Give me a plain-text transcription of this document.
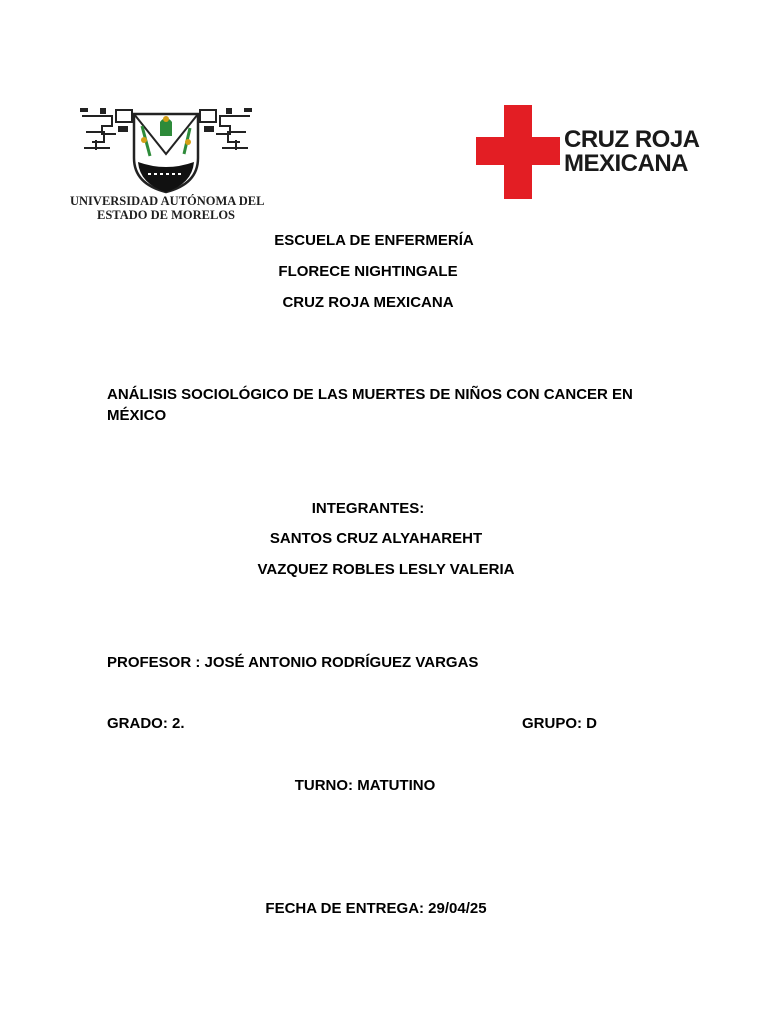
UNIVERSIDAD AUTÓNOMA DEL
ESTADO DE MORELOS
CRUZ ROJA
MEXICANA
ESCUELA DE ENFERMERÍA
FLORECE NIGHTINGALE
CRUZ ROJA MEXICANA
ANÁLISIS SOCIOLÓGICO DE LAS MUERTES DE NIÑOS CON CANCER EN
MÉXICO
INTEGRANTES:
SANTOS CRUZ ALYAHAREHT
VAZQUEZ ROBLES LESLY VALERIA
PROFESOR : JOSÉ ANTONIO RODRÍGUEZ VARGAS
GRADO: 2.	GRUPO: D
TURNO: MATUTINO
FECHA DE ENTREGA: 29/04/25
